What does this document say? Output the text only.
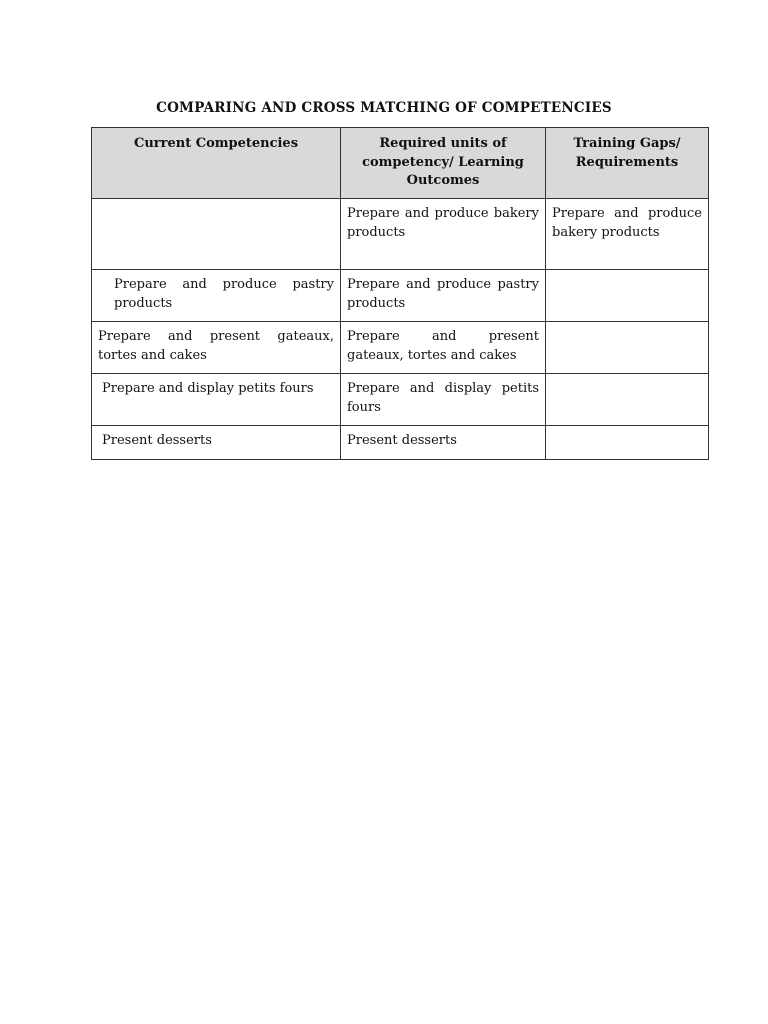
COMPARING AND CROSS MATCHING OF COMPETENCIES
Current Competencies	Required units of competency/ Learning Outcomes	Training Gaps/ Requirements
	Prepare and produce bakery products	Prepare and produce bakery products
Prepare and produce pastry products	Prepare and produce pastry products	
Prepare and present gateaux, tortes and cakes	Prepare and present gateaux, tortes and cakes	
Prepare and display petits fours	Prepare and display petits fours	
Present desserts	Present desserts	
